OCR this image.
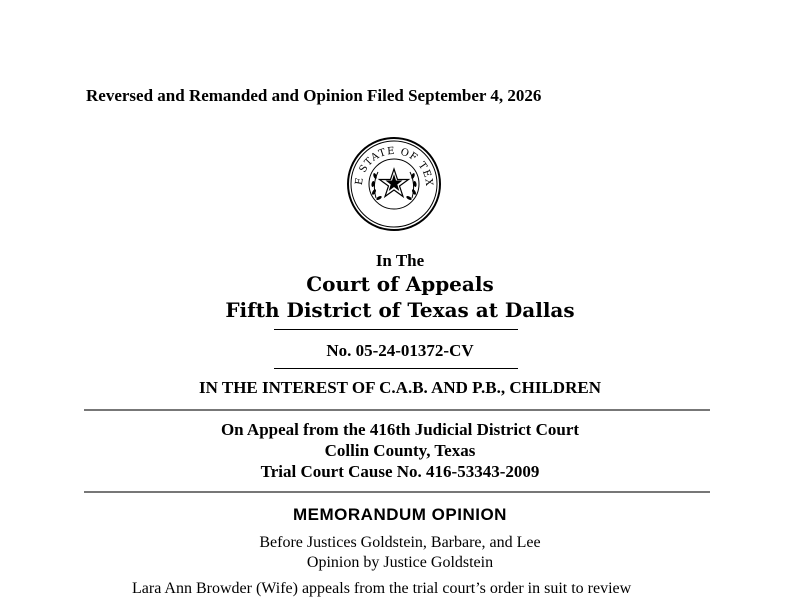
Reversed and Remanded and Opinion Filed September 4, 2026
E STATE OF TEX
In The
Court of Appeals
Fifth District of Texas at Dallas
No. 05-24-01372-CV
IN THE INTEREST OF C.A.B. AND P.B., CHILDREN
On Appeal from the 416th Judicial District Court
Collin County, Texas
Trial Court Cause No. 416-53343-2009
MEMORANDUM OPINION
Before Justices Goldstein, Barbare, and Lee
Opinion by Justice Goldstein
Lara Ann Browder (Wife) appeals from the trial court’s order in suit to review
